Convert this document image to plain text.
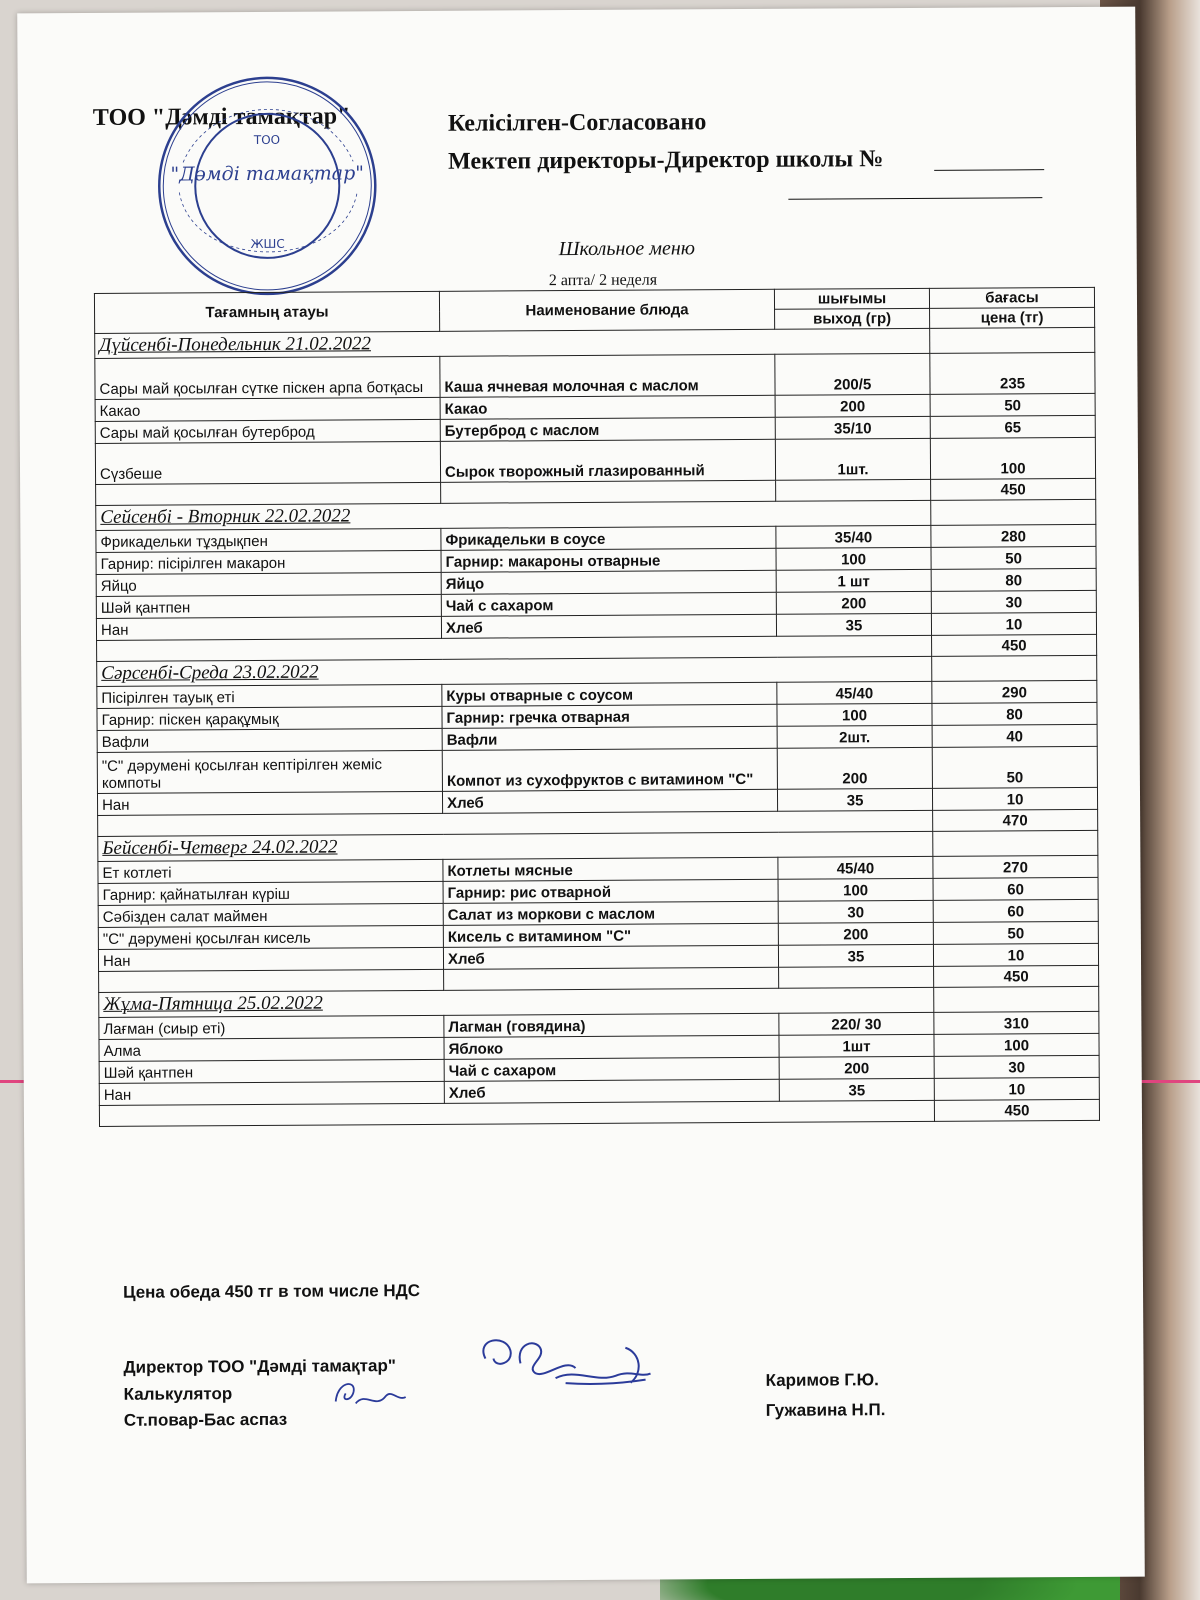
ТОО "Дәмді тамақтар"	Келісілген-Согласовано
Мектеп директоры-Директор школы №
ТОО
"Дәмді тамақтар"
ЖШС	Школьное меню
2 апта/ 2 неделя
Тағамның атауы	Наименование блюда	шығымы	бағасы
		выход (гр)	цена (тг)
Дүйсенбі-Понедельник 21.02.2022			
Сары май қосылған сүтке піскен арпа ботқасы	Каша ячневая молочная с маслом	200/5	235
Какао	Какао	200	50
Сары май қосылған бутерброд	Бутерброд с маслом	35/10	65
Сүзбеше	Сырок творожный глазированный	1шт.	100
			450
Сейсенбі - Вторник 22.02.2022			
Фрикадельки тұздықпен	Фрикадельки в соусе	35/40	280
Гарнир: пісірілген макарон	Гарнир: макароны отварные	100	50
Яйцо	Яйцо	1 шт	80
Шәй қантпен	Чай с сахаром	200	30
Нан	Хлеб	35	10
			450
Сәрсенбі-Среда 23.02.2022			
Пісірілген тауық еті	Куры отварные с соусом	45/40	290
Гарнир: піскен қарақұмық	Гарнир: гречка отварная	100	80
Вафли	Вафли	2шт.	40
"С" дәрумені қосылған кептірілген жеміс компоты	Компот из сухофруктов с витамином "С"	200	50
Нан	Хлеб	35	10
			470
Бейсенбі-Четверг 24.02.2022			
Ет котлеті	Котлеты мясные	45/40	270
Гарнир: қайнатылған күріш	Гарнир: рис отварной	100	60
Сәбізден салат маймен	Салат из моркови с маслом	30	60
"С" дәрумені қосылған кисель	Кисель с витамином "С"	200	50
Нан	Хлеб	35	10
			450
Жұма-Пятница 25.02.2022			
Лағман (сиыр еті)	Лагман (говядина)	220/ 30	310
Алма	Яблоко	1шт	100
Шәй қантпен	Чай с сахаром	200	30
Нан	Хлеб	35	10
			450
Цена обеда 450 тг в том числе НДС
Директор ТОО "Дәмді тамақтар"
Калькулятор
Ст.повар-Бас аспаз
Каримов Г.Ю.
Гужавина Н.П.
